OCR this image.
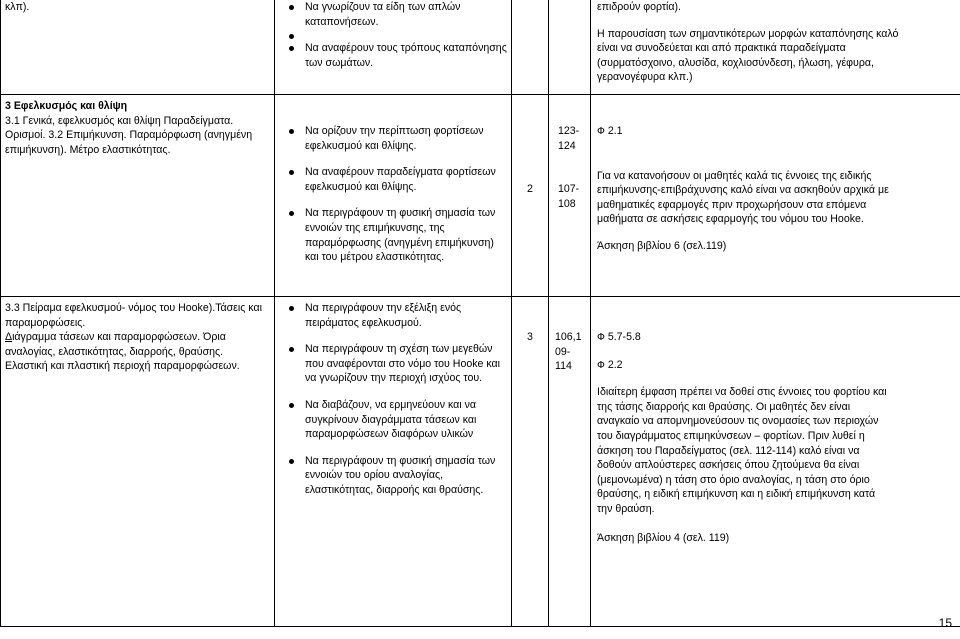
κλπ).	Να γνωρίζουν τα είδη των απλών καταπονήσεων.
Να αναφέρουν τους τρόπους καταπόνησης των σωμάτων.

επιδρούν φορτία).

Η παρουσίαση των σημαντικότερων μορφών καταπόνησης καλό είναι να συνοδεύεται και από πρακτικά παραδείγματα (συρματόσχοινο, αλυσίδα, κοχλιοσύνδεση, ήλωση, γέφυρα, γερανογέφυρα κλπ.)

3 Εφελκυσμός και θλίψη

3.1 Γενικά, εφελκυσμός και θλίψη Παραδείγματα. Ορισμοί. 3.2 Επιμήκυνση. Παραμόρφωση (ανηγμένη επιμήκυνση). Μέτρο ελαστικότητας.

Να ορίζουν την περίπτωση φορτίσεων εφελκυσμού και θλίψης.
Να αναφέρουν παραδείγματα φορτίσεων εφελκυσμού και θλίψης.
Να περιγράφουν τη φυσική σημασία των εννοιών της επιμήκυνσης, της παραμόρφωσης (ανηγμένη επιμήκυνση) και του μέτρου ελαστικότητας.

2

123-124

107-108

Φ 2.1

Για να κατανοήσουν οι μαθητές καλά τις έννοιες της ειδικής επιμήκυνσης-επιβράχυνσης καλό είναι να ασκηθούν αρχικά με μαθηματικές εφαρμογές πριν προχωρήσουν στα επόμενα μαθήματα σε ασκήσεις εφαρμογής του νόμου του Hooke.

Άσκηση βιβλίου 6 (σελ.119)

3.3 Πείραμα εφελκυσμού- νόμος του Hooke).Τάσεις και παραμορφώσεις.

Διάγραμμα τάσεων και παραμορφώσεων. Όρια αναλογίας, ελαστικότητας, διαρροής, θραύσης. Ελαστική και πλαστική περιοχή παραμορφώσεων.

Να περιγράφουν την εξέλιξη ενός πειράματος εφελκυσμού.
Να περιγράφουν τη σχέση των μεγεθών που αναφέρονται στο νόμο του Hooke και να γνωρίζουν την περιοχή ισχύος του.
Να διαβάζουν, να ερμηνεύουν και να συγκρίνουν διαγράμματα τάσεων και παραμορφώσεων διαφόρων υλικών
Να περιγράφουν τη φυσική σημασία των εννοιών του ορίου αναλογίας, ελαστικότητας, διαρροής και θραύσης.

3	106,1 09- 114

Φ 5.7-5.8

Φ 2.2

Ιδιαίτερη έμφαση πρέπει να δοθεί στις έννοιες του φορτίου και της τάσης διαρροής και θραύσης. Οι μαθητές δεν είναι αναγκαίο να απομνημονεύσουν τις ονομασίες των περιοχών του διαγράμματος επιμηκύνσεων – φορτίων. Πριν λυθεί η άσκηση του Παραδείγματος (σελ. 112-114) καλό είναι να δοθούν απλούστερες ασκήσεις όπου ζητούμενα θα είναι (μεμονωμένα) η τάση στο όριο αναλογίας, η τάση στο όριο θραύσης, η ειδική επιμήκυνση και η ειδική επιμήκυνση κατά την θραύση.

Άσκηση βιβλίου 4 (σελ. 119)

15
